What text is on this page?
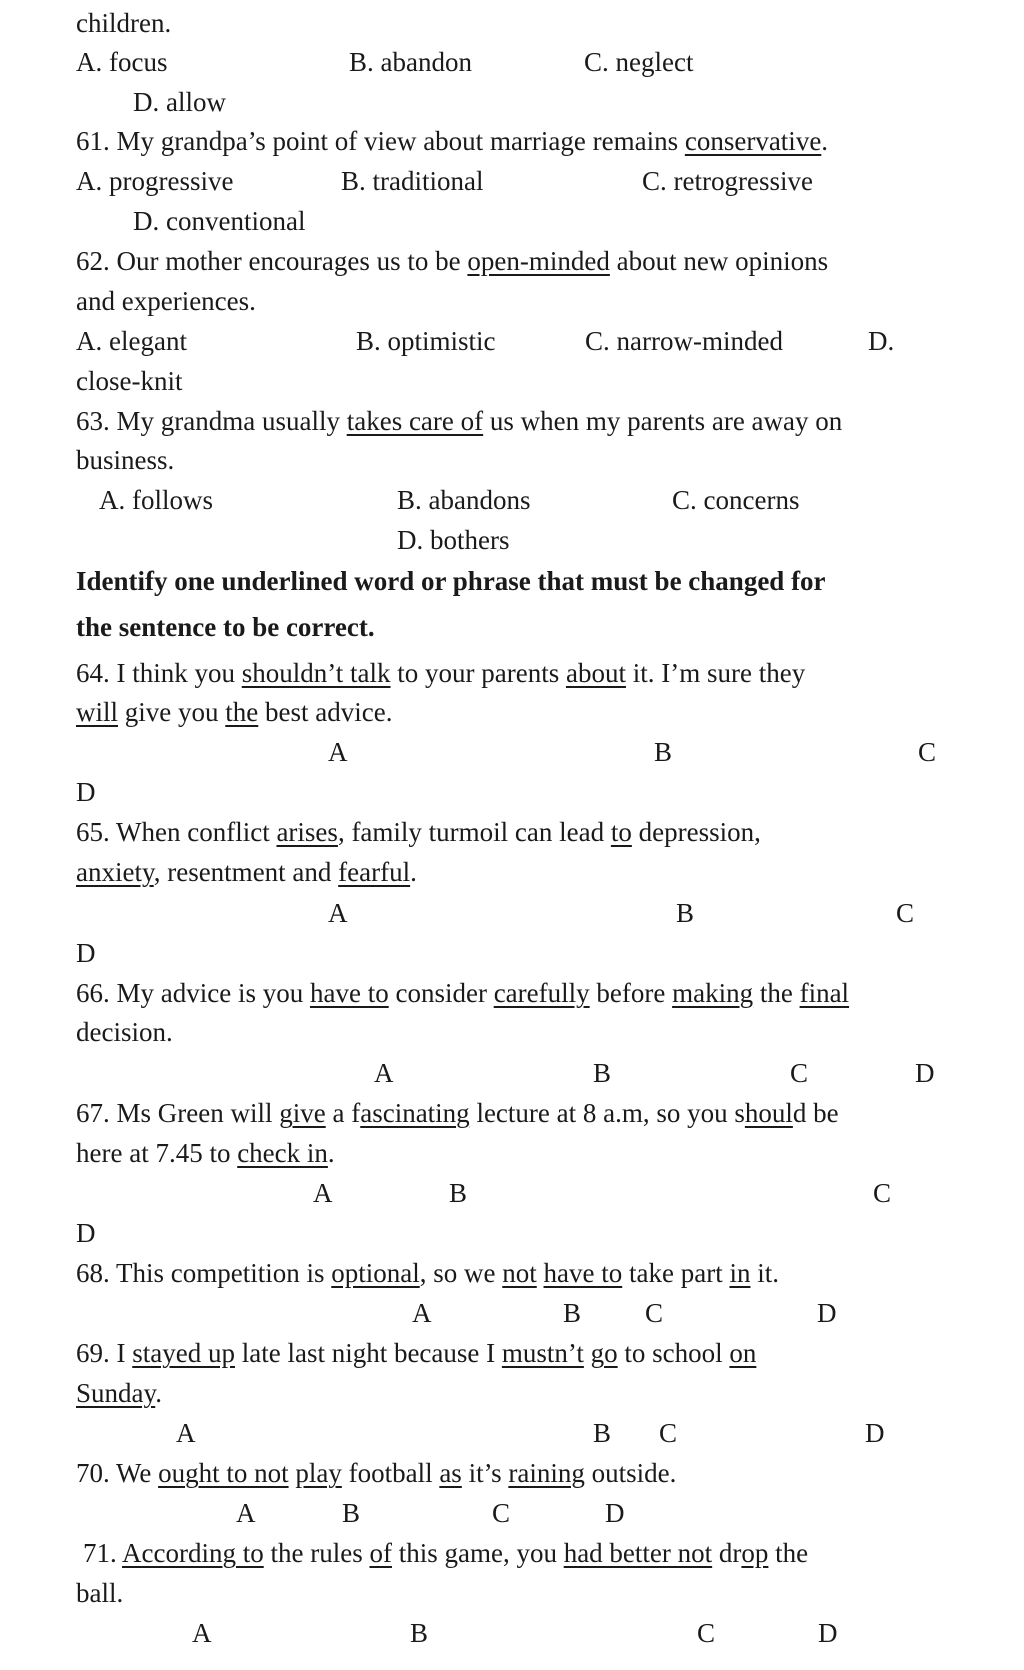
children.
A. focus	B. abandon	C. neglect
D. allow
61. My grandpa’s point of view about marriage remains conservative.
A. progressive	B. traditional	C. retrogressive
D. conventional
62. Our mother encourages us to be open-minded about new opinions
and experiences.
A. elegant	B. optimistic	C. narrow-minded	D.
close-knit
63. My grandma usually takes care of us when my parents are away on
business.
A. follows	B. abandons	C. concerns
D. bothers
Identify one underlined word or phrase that must be changed for
the sentence to be correct.
64. I think you shouldn’t talk to your parents about it. I’m sure they
will give you the best advice.
A	B	C
D
65. When conflict arises, family turmoil can lead to depression,
anxiety, resentment and fearful.
A	B	C
D
66. My advice is you have to consider carefully before making the final
decision.
A	B	C	D
67. Ms Green will give a fascinating lecture at 8 a.m, so you should be
here at 7.45 to check in.
A	B	C
D
68. This competition is optional, so we not have to take part in it.
A	B C	D
69. I stayed up late last night because I mustn’t go to school on
Sunday.
A	B C	D
70. We ought to not play football as it’s raining outside.
A	B	C	D
71. According to the rules of this game, you had better not drop the
ball.
A	B	C	D
